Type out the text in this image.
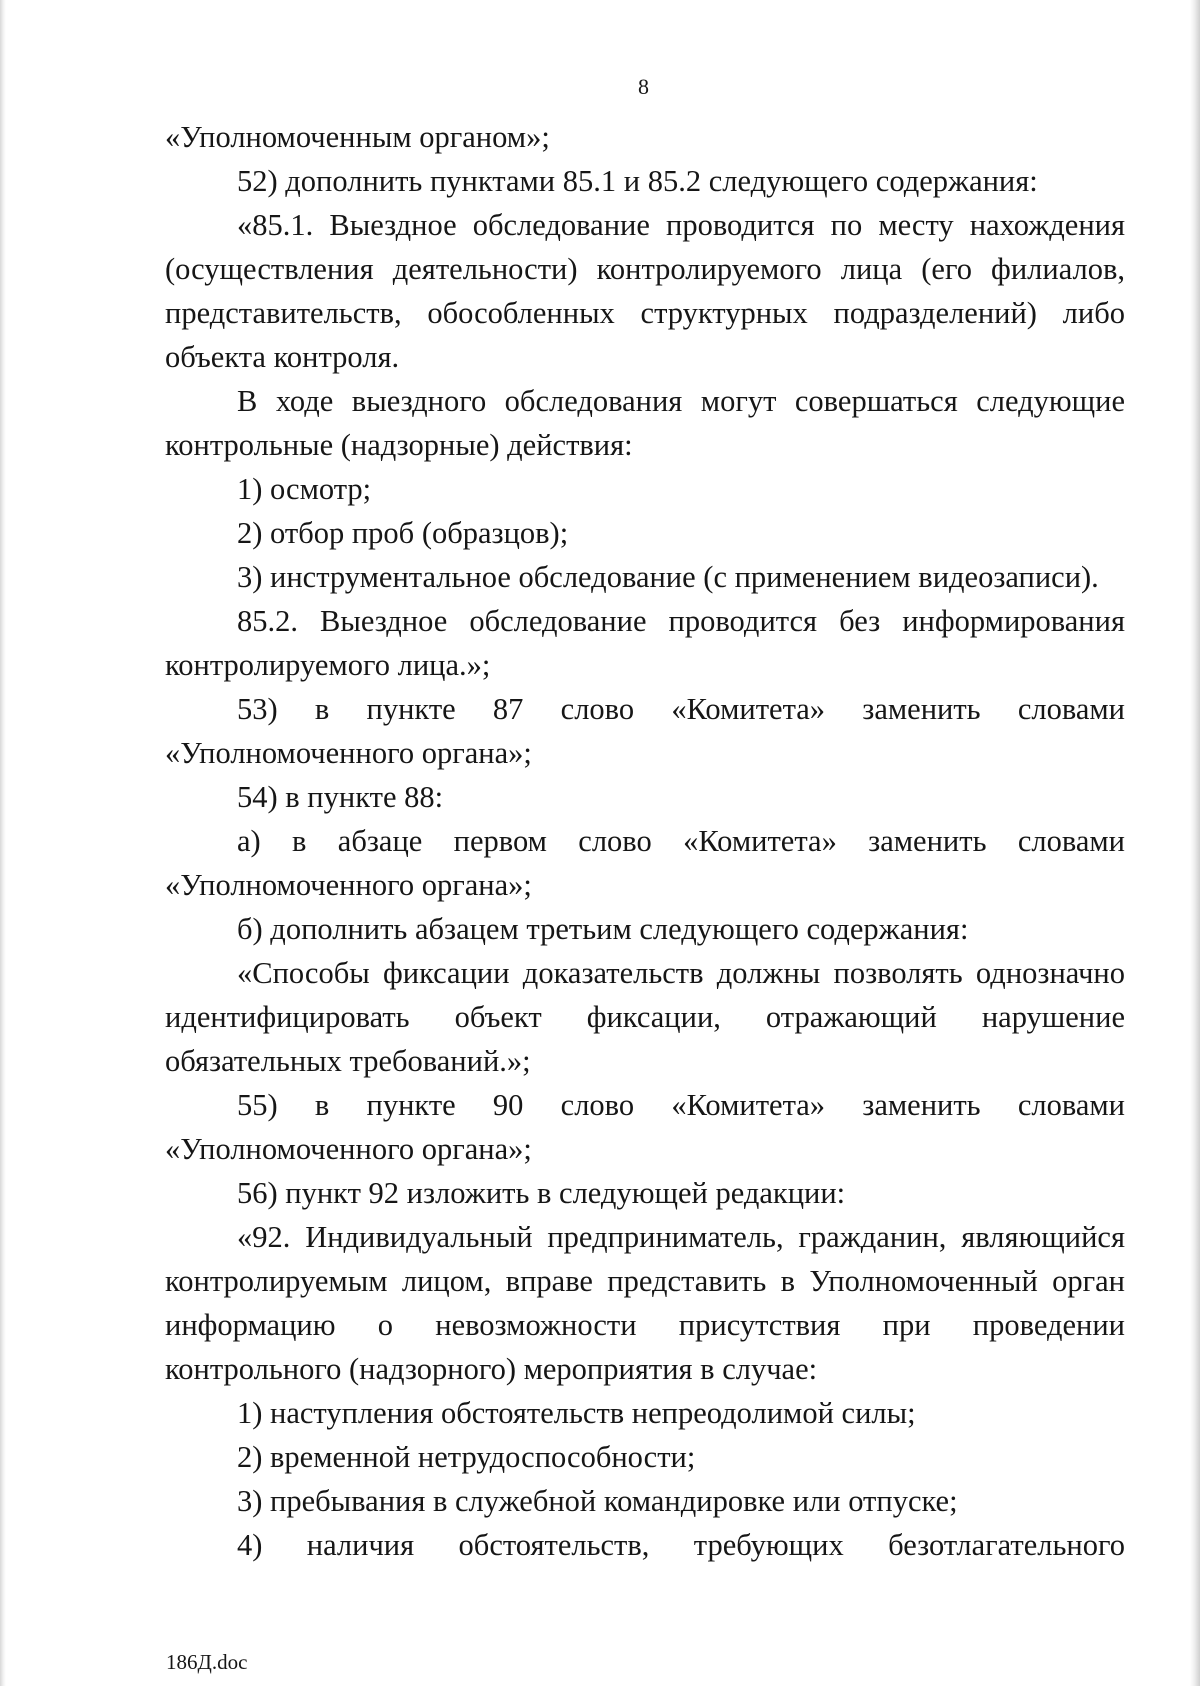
8

«Уполномоченным органом»;

52) дополнить пунктами 85.1 и 85.2 следующего содержания:

«85.1. Выездное обследование проводится по месту нахождения (осуществления деятельности) контролируемого лица (его филиалов, представительств, обособленных структурных подразделений) либо объекта контроля.

В ходе выездного обследования могут совершаться следующие контрольные (надзорные) действия:

1) осмотр;

2) отбор проб (образцов);

3) инструментальное обследование (с применением видеозаписи).

85.2. Выездное обследование проводится без информирования контролируемого лица.»;

53) в пункте 87 слово «Комитета» заменить словами «Уполномоченного органа»;

54) в пункте 88:

а) в абзаце первом слово «Комитета» заменить словами «Уполномоченного органа»;

б) дополнить абзацем третьим следующего содержания:

«Способы фиксации доказательств должны позволять однозначно идентифицировать объект фиксации, отражающий нарушение обязательных требований.»;

55) в пункте 90 слово «Комитета» заменить словами «Уполномоченного органа»;

56) пункт 92 изложить в следующей редакции:

«92. Индивидуальный предприниматель, гражданин, являющийся контролируемым лицом, вправе представить в Уполномоченный орган информацию о невозможности присутствия при проведении контрольного (надзорного) мероприятия в случае:

1) наступления обстоятельств непреодолимой силы;

2) временной нетрудоспособности;

3) пребывания в служебной командировке или отпуске;

4) наличия обстоятельств, требующих безотлагательного

186Д.doc
